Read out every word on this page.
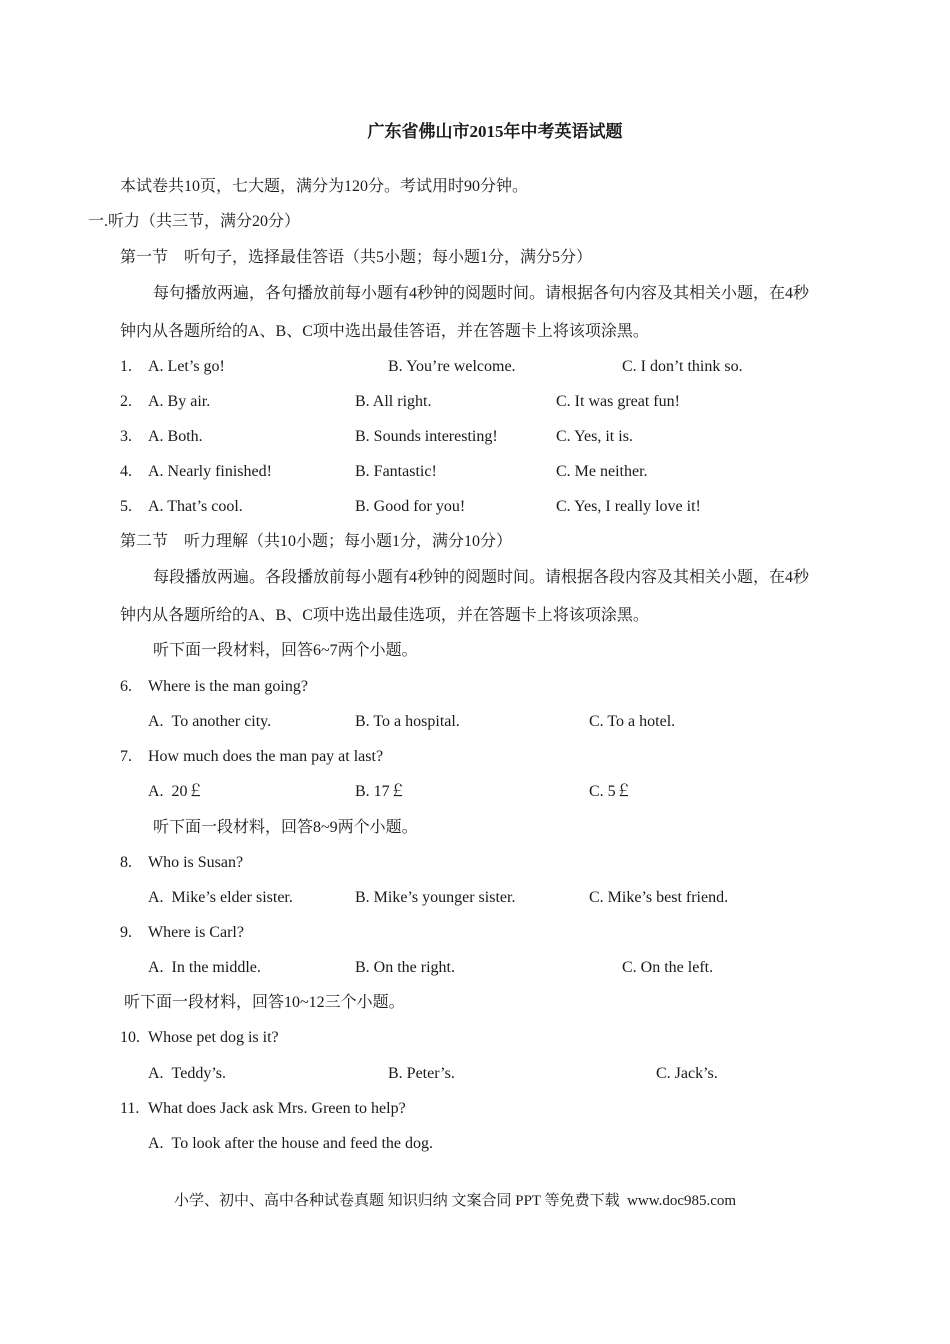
广东省佛山市2015年中考英语试题
本试卷共10页，七大题，满分为120分。考试用时90分钟。
一.听力（共三节，满分20分）
第一节　听句子，选择最佳答语（共5小题；每小题1分，满分5分）
每句播放两遍，各句播放前每小题有4秒钟的阅题时间。请根据各句内容及其相关小题，在4秒
钟内从各题所给的A、B、C项中选出最佳答语，并在答题卡上将该项涂黑。
1. A. Let’s go!	B. You’re welcome.	C. I don’t think so.
2. A. By air.	B. All right.	C. It was great fun!
3. A. Both.	B. Sounds interesting!	C. Yes, it is.
4. A. Nearly finished!	B. Fantastic!	C. Me neither.
5. A. That’s cool.	B. Good for you!	C. Yes, I really love it!
第二节　听力理解（共10小题；每小题1分，满分10分）
每段播放两遍。各段播放前每小题有4秒钟的阅题时间。请根据各段内容及其相关小题，在4秒
钟内从各题所给的A、B、C项中选出最佳选项，并在答题卡上将该项涂黑。
听下面一段材料，回答6~7两个小题。
6. Where is the man going?
A.  To another city.	B. To a hospital.	C. To a hotel.
7. How much does the man pay at last?
A.  20￡	B. 17￡	C. 5￡
听下面一段材料，回答8~9两个小题。
8. Who is Susan?
A.  Mike’s elder sister.	B. Mike’s younger sister.	C. Mike’s best friend.
9. Where is Carl?
A.  In the middle.	B. On the right.	C. On the left.
听下面一段材料，回答10~12三个小题。
10. Whose pet dog is it?
A.  Teddy’s.	B. Peter’s.	C. Jack’s.
11. What does Jack ask Mrs. Green to help?
A.  To look after the house and feed the dog.
小学、初中、高中各种试卷真题 知识归纳 文案合同 PPT 等免费下载  www.doc985.com
